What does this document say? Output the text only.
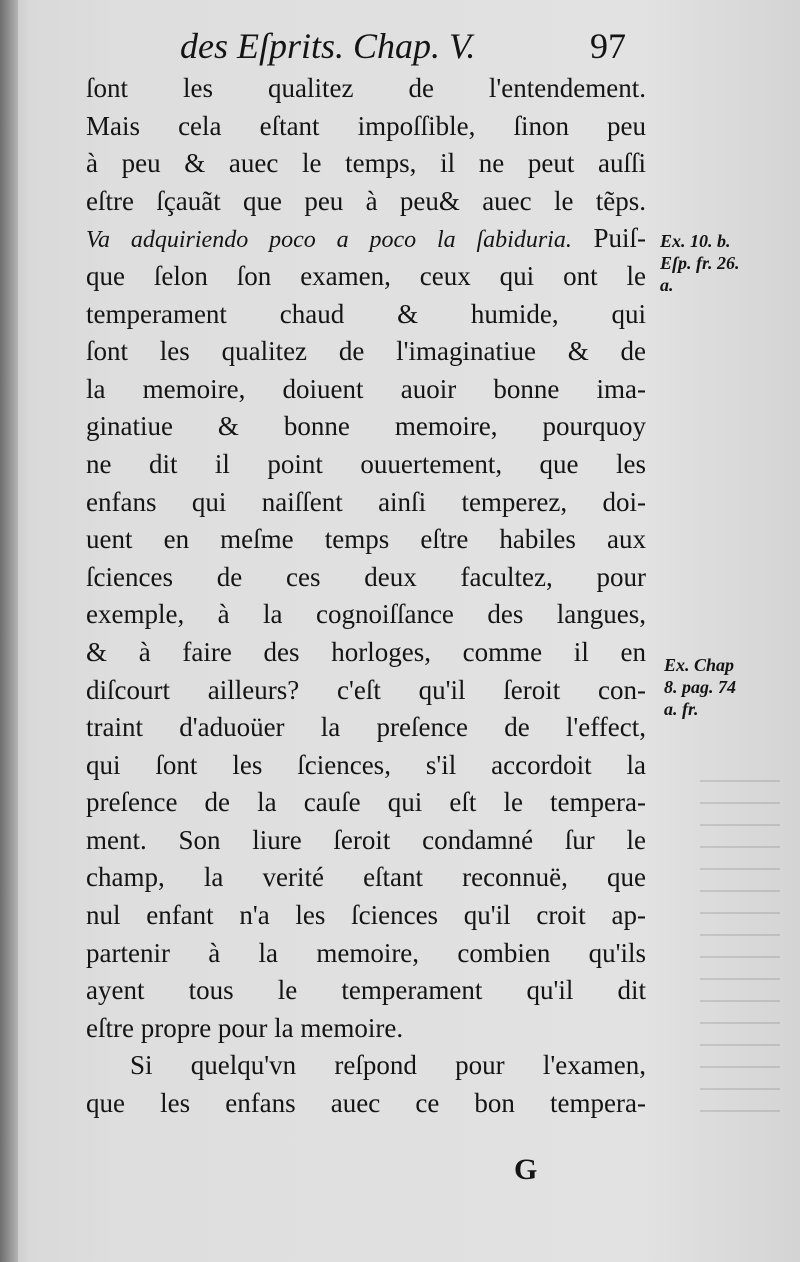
des Eſprits. Chap. V.	97
ſont les qualitez de l'entendement.
Mais cela eſtant impoſſible, ſinon peu
à peu & auec le temps, il ne peut auſſi
eſtre ſçauãt que peu à peu& auec le tẽps.
Va adquiriendo poco a poco la ſabiduria. Puiſ-
que ſelon ſon examen, ceux qui ont le
temperament chaud & humide, qui
ſont les qualitez de l'imaginatiue & de
la memoire, doiuent auoir bonne ima-
ginatiue & bonne memoire, pourquoy
ne dit il point ouuertement, que les
enfans qui naiſſent ainſi temperez, doi-
uent en meſme temps eſtre habiles aux
ſciences de ces deux facultez, pour
exemple, à la cognoiſſance des langues,
& à faire des horloges, comme il en
diſcourt ailleurs? c'eſt qu'il ſeroit con-
traint d'aduoüer la preſence de l'effect,
qui ſont les ſciences, s'il accordoit la
preſence de la cauſe qui eſt le tempera-
ment. Son liure ſeroit condamné ſur le
champ, la verité eſtant reconnuë, que
nul enfant n'a les ſciences qu'il croit ap-
partenir à la memoire, combien qu'ils
ayent tous le temperament qu'il dit
eſtre propre pour la memoire.
Si quelqu'vn reſpond pour l'examen,
que les enfans auec ce bon tempera-
Ex. 10. b.
Eſp. fr. 26.
a.
Ex. Chap
8. pag. 74
a. fr.
G
